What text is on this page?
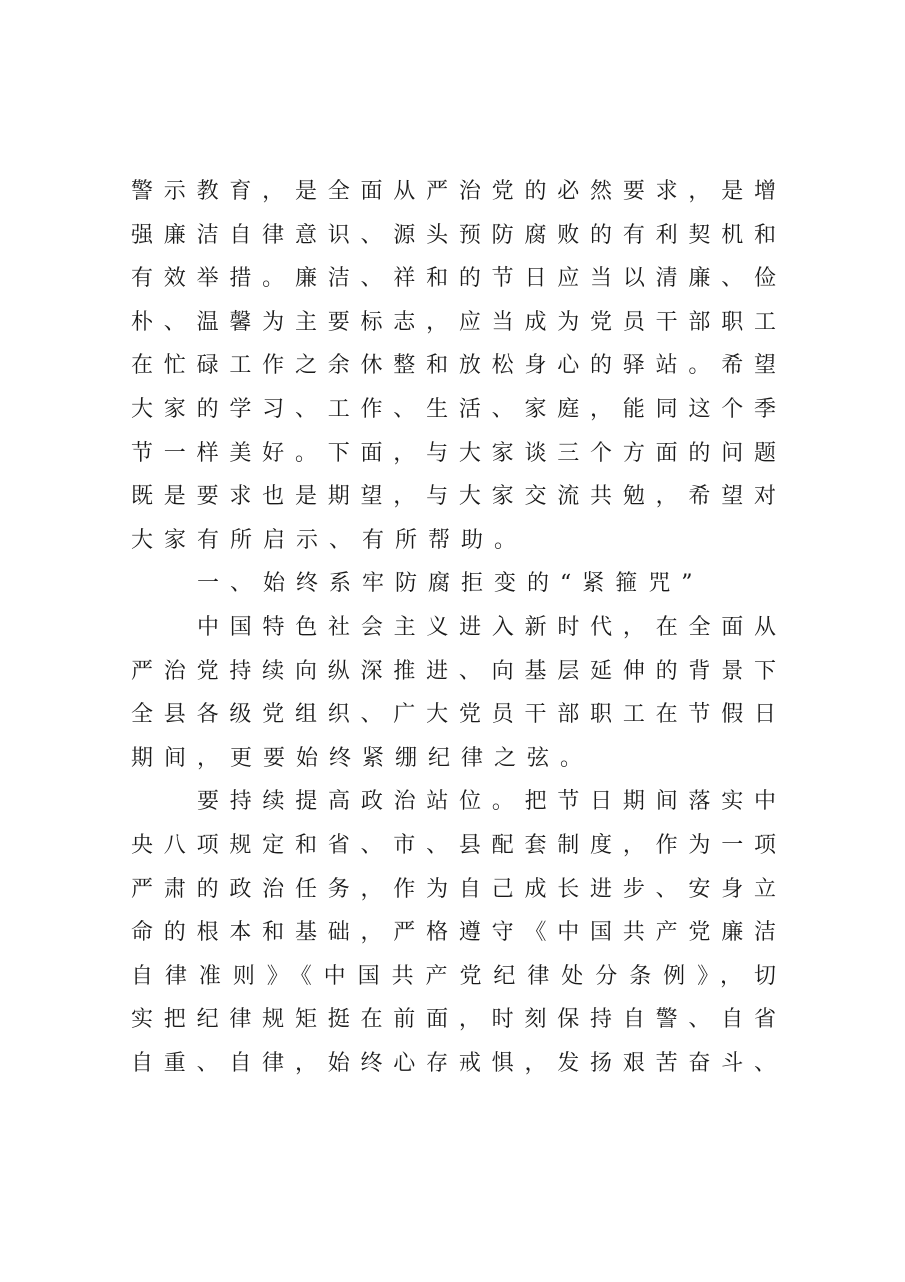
警示教育，是全面从严治党的必然要求，是增
强廉洁自律意识、源头预防腐败的有利契机和
有效举措。廉洁、祥和的节日应当以清廉、俭
朴、温馨为主要标志，应当成为党员干部职工
在忙碌工作之余休整和放松身心的驿站。希望
大家的学习、工作、生活、家庭，能同这个季
节一样美好。下面，与大家谈三个方面的问题
既是要求也是期望，与大家交流共勉，希望对
大家有所启示、有所帮助。
一、始终系牢防腐拒变的“紧箍咒”
中国特色社会主义进入新时代，在全面从
严治党持续向纵深推进、向基层延伸的背景下
全县各级党组织、广大党员干部职工在节假日
期间，更要始终紧绷纪律之弦。
要持续提高政治站位。把节日期间落实中
央八项规定和省、市、县配套制度，作为一项
严肃的政治任务，作为自己成长进步、安身立
命的根本和基础，严格遵守《中国共产党廉洁
自律准则》《中国共产党纪律处分条例》，切
实把纪律规矩挺在前面，时刻保持自警、自省
自重、自律，始终心存戒惧，发扬艰苦奋斗、
